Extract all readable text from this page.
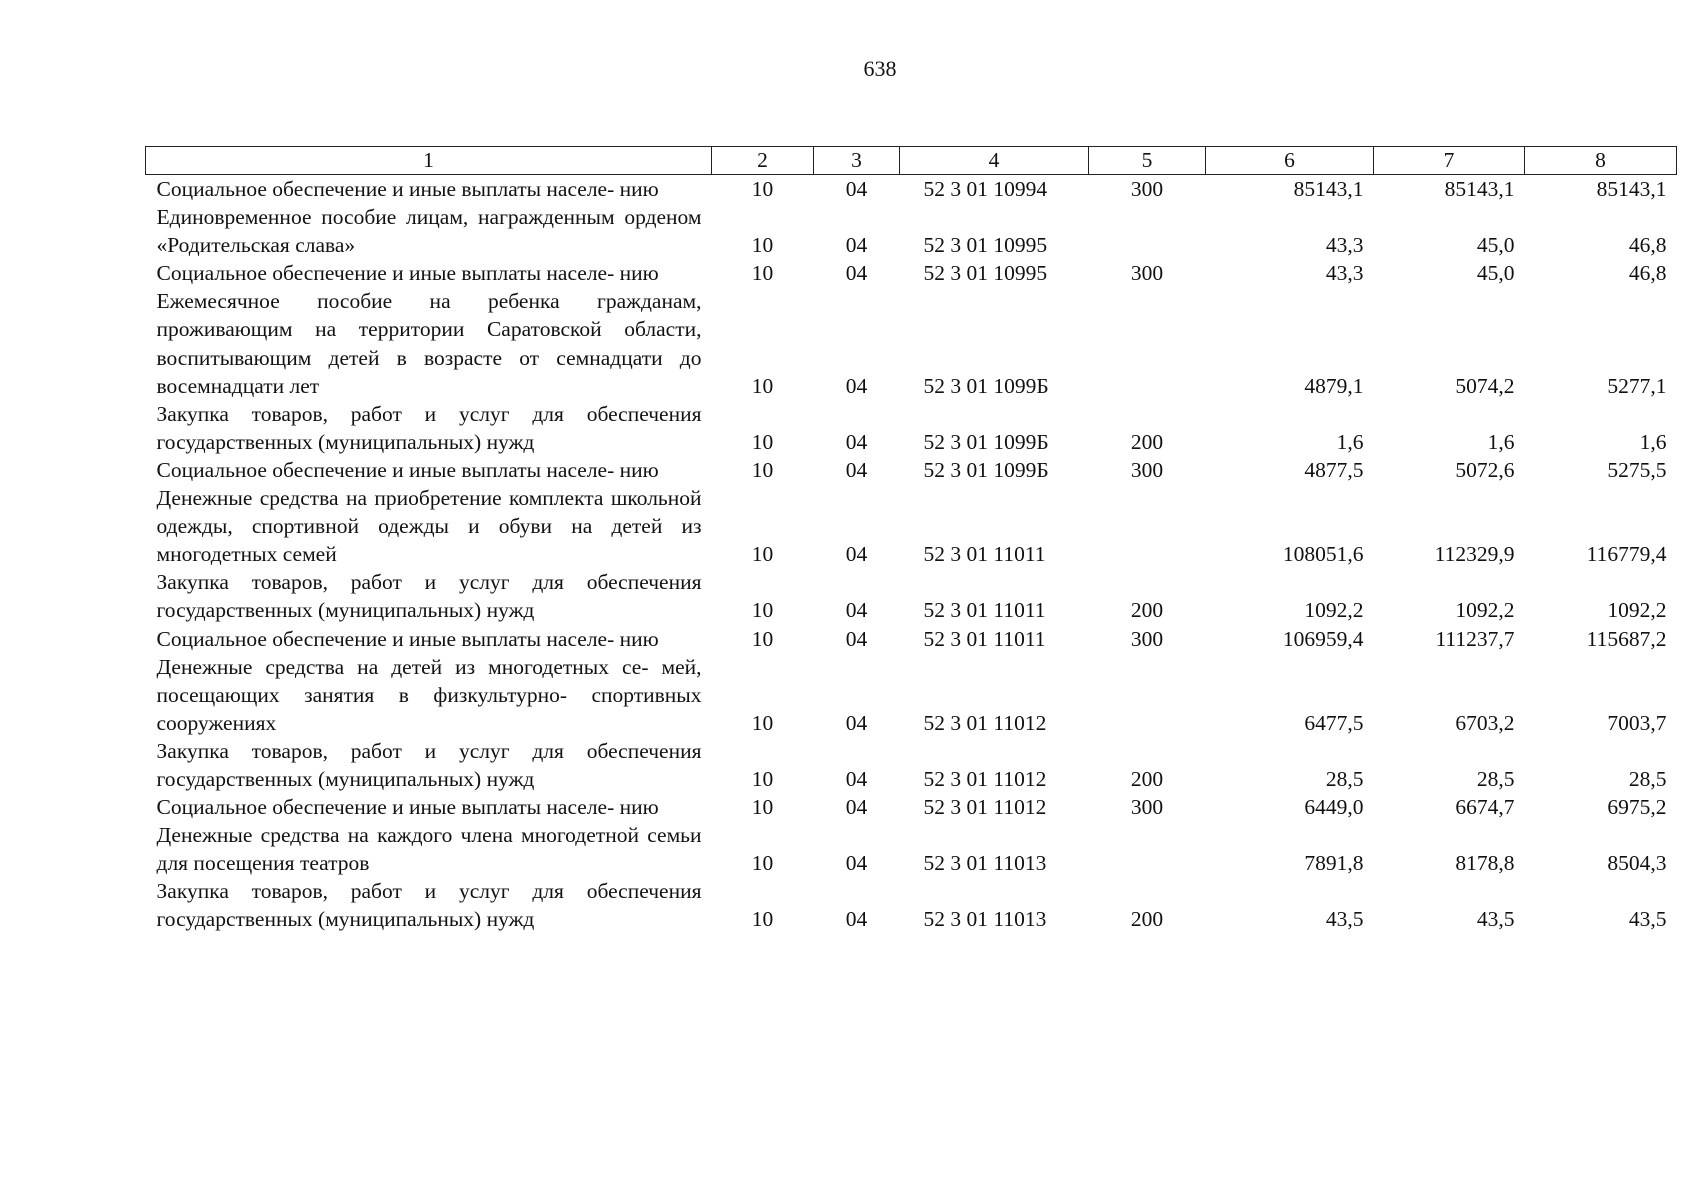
638
1	2	3	4	5	6	7	8
Социальное обеспечение и иные выплаты населе- нию	10	04	52 3 01 10994	300	85143,1	85143,1	85143,1
Единовременное пособие лицам, награжденным орденом «Родительская слава»	10	04	52 3 01 10995		43,3	45,0	46,8
Социальное обеспечение и иные выплаты населе- нию	10	04	52 3 01 10995	300	43,3	45,0	46,8
Ежемесячное пособие на ребенка гражданам, проживающим на территории Саратовской области, воспитывающим детей в возрасте от семнадцати до восемнадцати лет	10	04	52 3 01 1099Б		4879,1	5074,2	5277,1
Закупка товаров, работ и услуг для обеспечения государственных (муниципальных) нужд	10	04	52 3 01 1099Б	200	1,6	1,6	1,6
Социальное обеспечение и иные выплаты населе- нию	10	04	52 3 01 1099Б	300	4877,5	5072,6	5275,5
Денежные средства на приобретение комплекта школьной одежды, спортивной одежды и обуви на детей из многодетных семей	10	04	52 3 01 11011		108051,6	112329,9	116779,4
Закупка товаров, работ и услуг для обеспечения государственных (муниципальных) нужд	10	04	52 3 01 11011	200	1092,2	1092,2	1092,2
Социальное обеспечение и иные выплаты населе- нию	10	04	52 3 01 11011	300	106959,4	111237,7	115687,2
Денежные средства на детей из многодетных се- мей, посещающих занятия в физкультурно- спортивных сооружениях	10	04	52 3 01 11012		6477,5	6703,2	7003,7
Закупка товаров, работ и услуг для обеспечения государственных (муниципальных) нужд	10	04	52 3 01 11012	200	28,5	28,5	28,5
Социальное обеспечение и иные выплаты населе- нию	10	04	52 3 01 11012	300	6449,0	6674,7	6975,2
Денежные средства на каждого члена многодетной семьи для посещения театров	10	04	52 3 01 11013		7891,8	8178,8	8504,3
Закупка товаров, работ и услуг для обеспечения государственных (муниципальных) нужд	10	04	52 3 01 11013	200	43,5	43,5	43,5
